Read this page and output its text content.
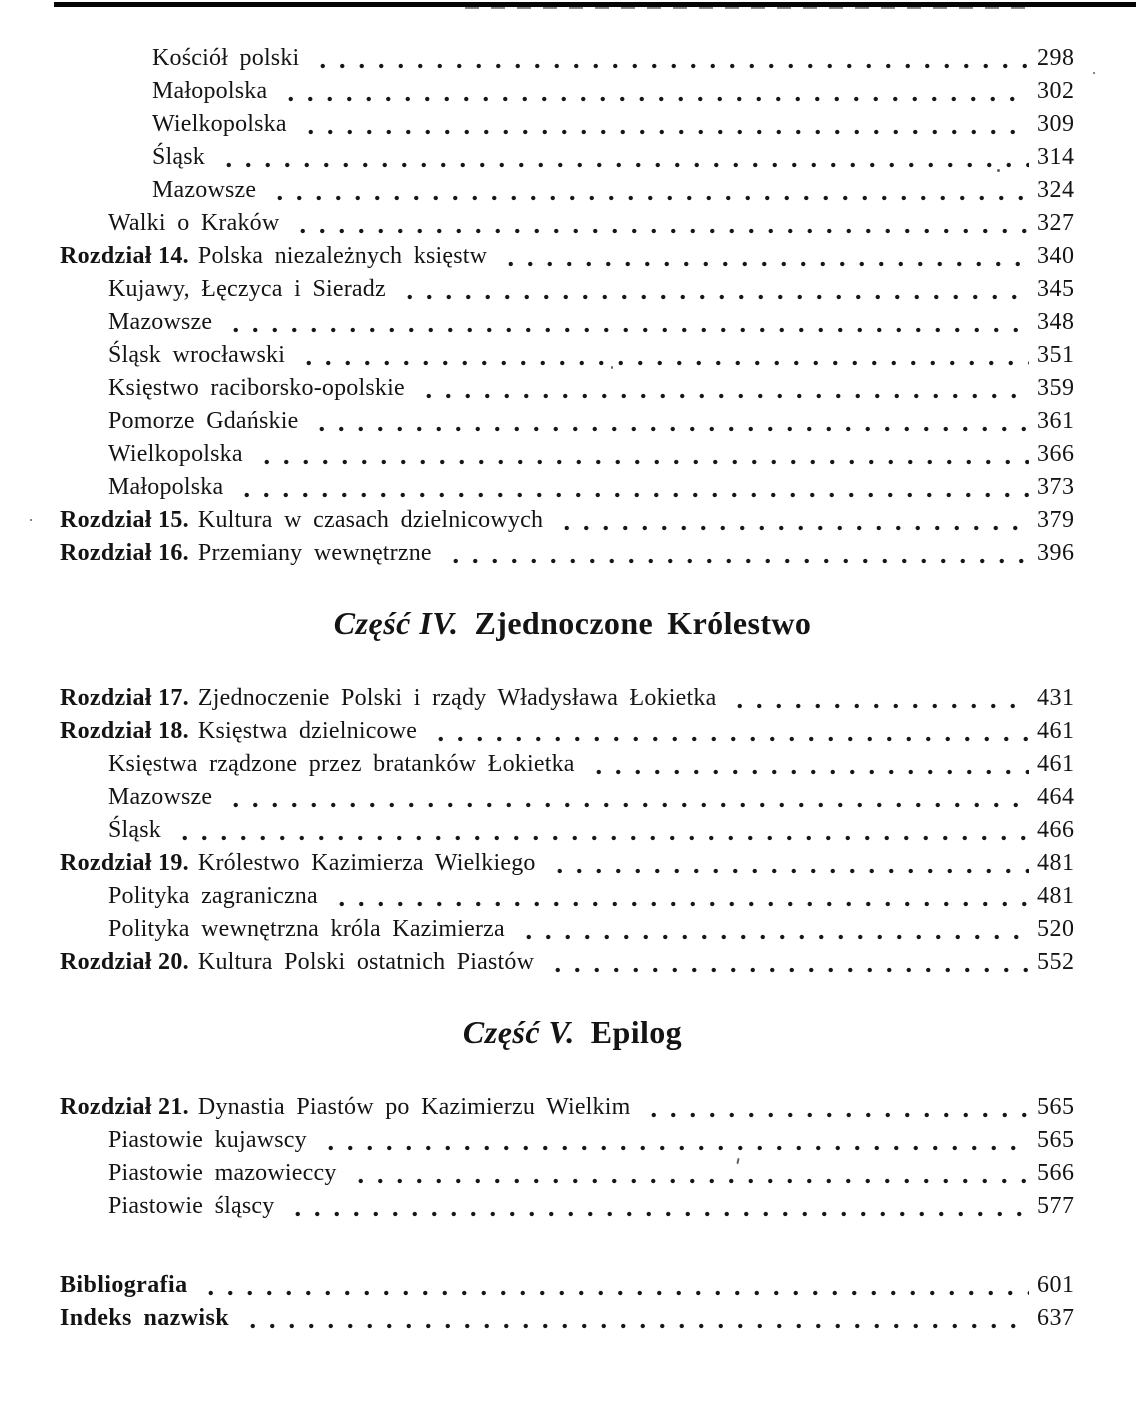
Kościół polski	298
Małopolska	302
Wielkopolska	309
Śląsk	314
Mazowsze	324
Walki o Kraków	327
Rozdział 14. Polska niezależnych księstw	340
Kujawy, Łęczyca i Sieradz	345
Mazowsze	348
Śląsk wrocławski	351
Księstwo raciborsko-opolskie	359
Pomorze Gdańskie	361
Wielkopolska	366
Małopolska	373
Rozdział 15. Kultura w czasach dzielnicowych	379
Rozdział 16. Przemiany wewnętrzne	396
Część IV. Zjednoczone Królestwo
Rozdział 17. Zjednoczenie Polski i rządy Władysława Łokietka	431
Rozdział 18. Księstwa dzielnicowe	461
Księstwa rządzone przez bratanków Łokietka	461
Mazowsze	464
Śląsk	466
Rozdział 19. Królestwo Kazimierza Wielkiego	481
Polityka zagraniczna	481
Polityka wewnętrzna króla Kazimierza	520
Rozdział 20. Kultura Polski ostatnich Piastów	552
Część V. Epilog
Rozdział 21. Dynastia Piastów po Kazimierzu Wielkim	565
Piastowie kujawscy	565
Piastowie mazowieccy	566
Piastowie śląscy	577
Bibliografia	601
Indeks nazwisk	637
